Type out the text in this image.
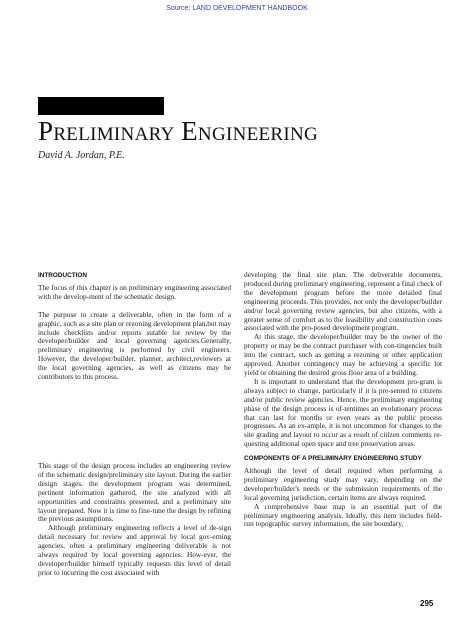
Source: LAND DEVELOPMENT HANDBOOK
PRELIMINARY ENGINEERING
David A. Jordan, P.E.

INTRODUCTION

The focus of this chapter is on preliminary engineering associated with the develop-ment of the schematic design.

The purpose to create a deliverable, often in the form of a graphic, such as a site plan or rezoning development plan,but may include checklists and/or reports sutable for review by the developer/builder and local governing agencies.Generally, preliminary engineering is performed by civil engineers. However, the developer/builder, planner, architect,reviewers at the local governing agencies, as well as citizens may be contributors to this process.

This stage of the design process includes an engineering review of the schematic design/preliminary site layout. During the earlier design stages, the development program was determined, pertinent information gathered, the site analyzed with all opportunities and constraints presented, and a preliminary site layout prepared. Now it is time to fine-tune the design by refining the previous assumptions.

Although preliminary engineering reflects a level of de-sign detail necessary for review and approval by local gov-erning agencies, often a preliminary engineering deliverable is not always required by local governing agencies. How-ever, the developer/builder himself typically requests this level of detail prior to incurring the cost associated with

developing the final site plan. The deliverable documents, produced during preliminary engineering, represent a final check of the development program before the more detailed final engineering proceeds. This provides, not only the developer/builder and/or local governing review agencies, but also citizens, with a greater sense of comfort as to the feasibility and construction costs associated with the pro-posed development program.

At this stage, the developer/builder may be the owner of the property or may be the contract purchaser with con-tingencies built into the contract, such as getting a rezoning or other application approved. Another contingency may be achieving a specific lot yield or obtaining the desired gross floor area of a building.

It is important to understand that the development pro-gram is always subject to change, particularly if it is pre-sented to citizens and/or public review agencies. Hence, the preliminary engineering phase of the design process is of-tentimes an evolutionary process that can last for months or even years as the public process progresses. As an ex-ample, it is not uncommon for changes to the site grading and layout to occur as a result of citizen comments re-questing additional open space and tree preservation areas.

COMPONENTS OF A PRELIMINARY ENGINEERING STUDY

Although the level of detail required when performing a preliminary engineering study may vary, depending on the developer/builder's needs or the submission requirements of the local governing jurisdiction, certain items are always required.

A comprehensive base map is an essential part of the preliminary engineering analysis. Ideally, this item includes field-run topographic survey information, the site boundary,

295
